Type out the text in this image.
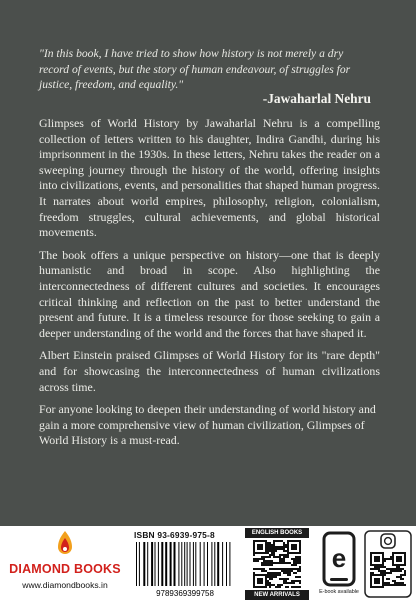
"In this book, I have tried to show how history is not merely a dry
record of events, but the story of human endeavour, of struggles for
justice, freedom, and equality."
-Jawaharlal Nehru

Glimpses of World History by Jawaharlal Nehru is a compelling collection of letters written to his daughter, Indira Gandhi, during his imprisonment in the 1930s. In these letters, Nehru takes the reader on a sweeping journey through the history of the world, offering insights into civilizations, events, and personalities that shaped human progress. It narrates about world empires, philosophy, religion, colonialism, freedom struggles, cultural achievements, and global historical movements.

The book offers a unique perspective on history—one that is deeply humanistic and broad in scope. Also highlighting the interconnectedness of different cultures and societies. It encourages critical thinking and reflection on the past to better understand the present and future. It is a timeless resource for those seeking to gain a deeper understanding of the world and the forces that have shaped it.

Albert Einstein praised Glimpses of World History for its "rare depth" and for showcasing the interconnectedness of human civilizations across time.

For anyone looking to deepen their understanding of world history and gain a more comprehensive view of human civilization, Glimpses of World History is a must-read.

DIAMOND BOOKS
www.diamondbooks.in
ISBN 93-6939-975-8
9789369399758
ENGLISH BOOKS
NEW ARRIVALS
e
E-book available
